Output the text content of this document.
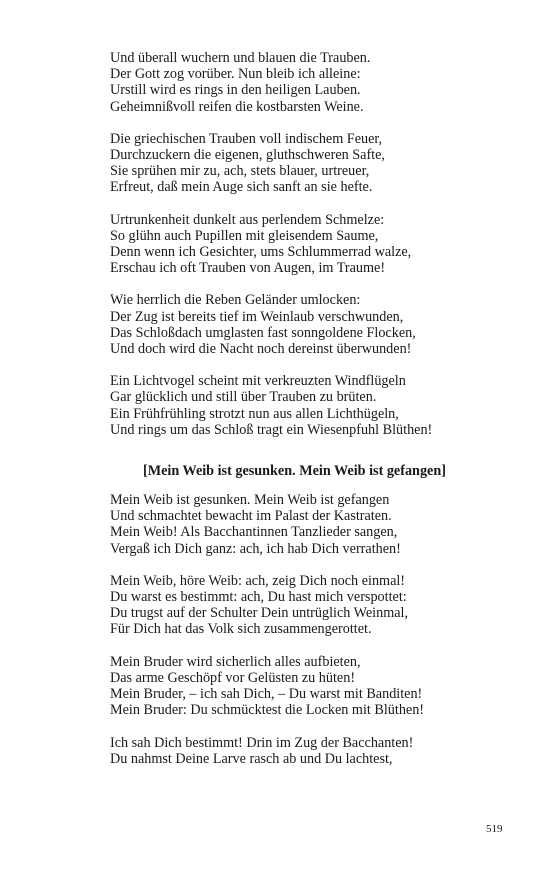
Und überall wuchern und blauen die Trauben.
Der Gott zog vorüber. Nun bleib ich alleine:
Urstill wird es rings in den heiligen Lauben.
Geheimnißvoll reifen die kostbarsten Weine.
Die griechischen Trauben voll indischem Feuer,
Durchzuckern die eigenen, gluthschweren Safte,
Sie sprühen mir zu, ach, stets blauer, urtreuer,
Erfreut, daß mein Auge sich sanft an sie hefte.
Urtrunkenheit dunkelt aus perlendem Schmelze:
So glühn auch Pupillen mit gleisendem Saume,
Denn wenn ich Gesichter, ums Schlummerrad walze,
Erschau ich oft Trauben von Augen, im Traume!
Wie herrlich die Reben Geländer umlocken:
Der Zug ist bereits tief im Weinlaub verschwunden,
Das Schloßdach umglasten fast sonngoldene Flocken,
Und doch wird die Nacht noch dereinst überwunden!
Ein Lichtvogel scheint mit verkreuzten Windflügeln
Gar glücklich und still über Trauben zu brüten.
Ein Frühfrühling strotzt nun aus allen Lichthügeln,
Und rings um das Schloß tragt ein Wiesenpfuhl Blüthen!
[Mein Weib ist gesunken. Mein Weib ist gefangen]
Mein Weib ist gesunken. Mein Weib ist gefangen
Und schmachtet bewacht im Palast der Kastraten.
Mein Weib! Als Bacchantinnen Tanzlieder sangen,
Vergaß ich Dich ganz: ach, ich hab Dich verrathen!
Mein Weib, höre Weib: ach, zeig Dich noch einmal!
Du warst es bestimmt: ach, Du hast mich verspottet:
Du trugst auf der Schulter Dein untrüglich Weinmal,
Für Dich hat das Volk sich zusammengerottet.
Mein Bruder wird sicherlich alles aufbieten,
Das arme Geschöpf vor Gelüsten zu hüten!
Mein Bruder, – ich sah Dich, – Du warst mit Banditen!
Mein Bruder: Du schmücktest die Locken mit Blüthen!
Ich sah Dich bestimmt! Drin im Zug der Bacchanten!
Du nahmst Deine Larve rasch ab und Du lachtest,
519
